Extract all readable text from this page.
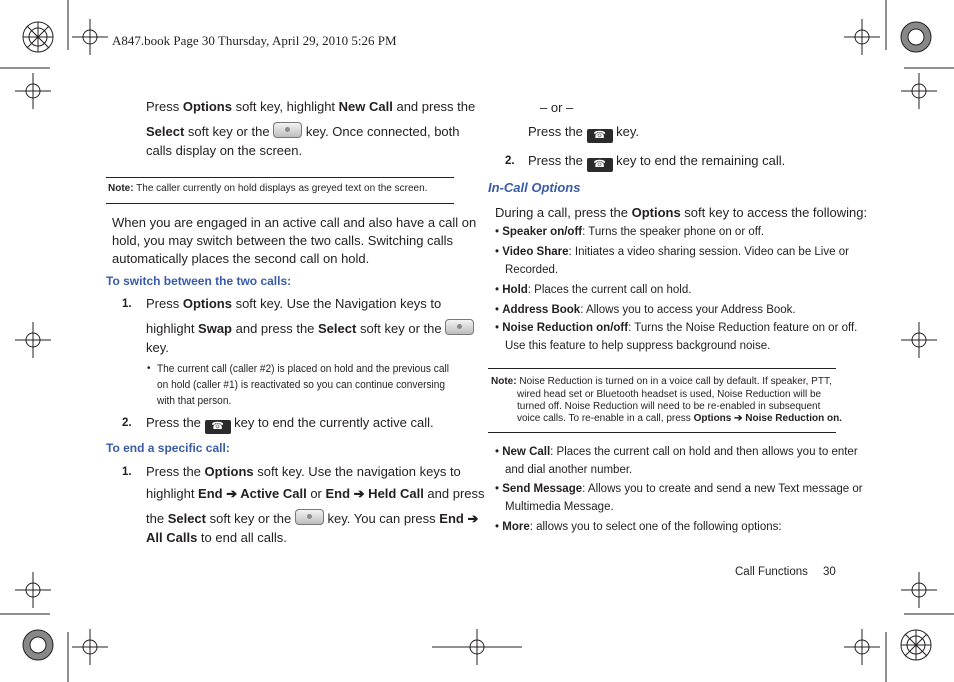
A847.book Page 30 Thursday, April 29, 2010 5:26 PM
Press Options soft key, highlight New Call and press the
Select soft key or the	key. Once connected, both
calls display on the screen.
Note: The caller currently on hold displays as greyed text on the screen.
When you are engaged in an active call and also have a call on
hold, you may switch between the two calls. Switching calls
automatically places the second call on hold.
To switch between the two calls:
1. Press Options soft key. Use the Navigation keys to
highlight Swap and press the Select soft key or the
key.
• The current call (caller #2) is placed on hold and the previous call
on hold (caller #1) is reactivated so you can continue conversing
with that person.
2. Press the ☎ key to end the currently active call.
To end a specific call:
1. Press the Options soft key. Use the navigation keys to
highlight End ➔ Active Call or End ➔ Held Call and press
the Select soft key or the	key. You can press End ➔
All Calls to end all calls.
– or –
Press the ☎ key.
2. Press the ☎ key to end the remaining call.
In-Call Options
During a call, press the Options soft key to access the following:
• Speaker on/off: Turns the speaker phone on or off.
• Video Share: Initiates a video sharing session. Video can be Live or
Recorded.
• Hold: Places the current call on hold.
• Address Book: Allows you to access your Address Book.
• Noise Reduction on/off: Turns the Noise Reduction feature on or off.
Use this feature to help suppress background noise.
Note: Noise Reduction is turned on in a voice call by default. If speaker, PTT,
wired head set or Bluetooth headset is used, Noise Reduction will be
turned off. Noise Reduction will need to be re-enabled in subsequent
voice calls. To re-enable in a call, press Options ➔ Noise Reduction on.
• New Call: Places the current call on hold and then allows you to enter
and dial another number.
• Send Message: Allows you to create and send a new Text message or
Multimedia Message.
• More: allows you to select one of the following options:
Call Functions 30
